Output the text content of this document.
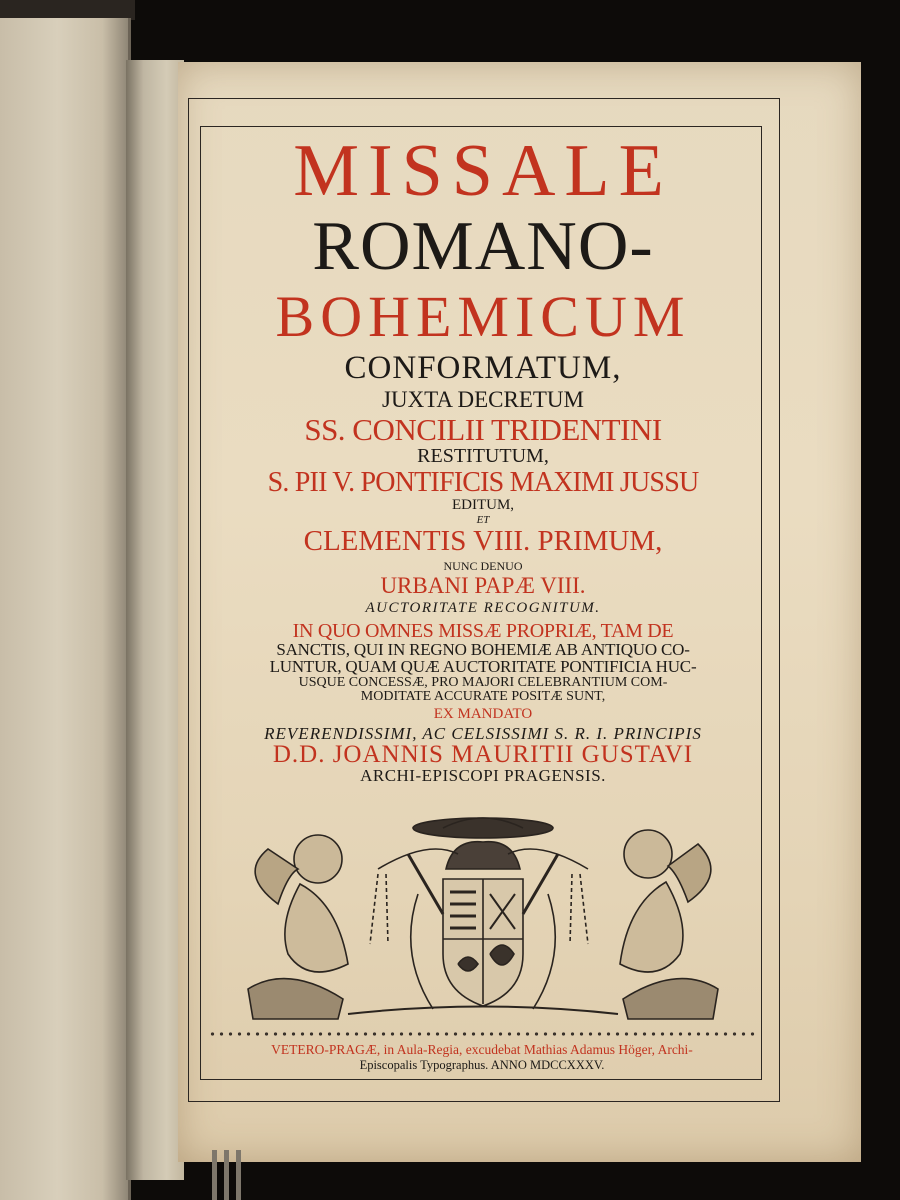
MISSALE
ROMANO-
BOHEMICUM
CONFORMATUM,
JUXTA DECRETUM
SS. CONCILII TRIDENTINI
RESTITUTUM,
S. PII V. PONTIFICIS MAXIMI JUSSU
EDITUM,
ET
CLEMENTIS VIII. PRIMUM,
NUNC DENUO
URBANI PAPÆ VIII.
AUCTORITATE RECOGNITUM.
IN QUO OMNES MISSÆ PROPRIÆ, TAM DE
SANCTIS, QUI IN REGNO BOHEMIÆ AB ANTIQUO CO-
LUNTUR, QUAM QUÆ AUCTORITATE PONTIFICIA HUC-
USQUE CONCESSÆ, PRO MAJORI CELEBRANTIUM COM-
MODITATE ACCURATE POSITÆ SUNT,
EX MANDATO
REVERENDISSIMI, AC CELSISSIMI S. R. I. PRINCIPIS
D.D. JOANNIS MAURITII GUSTAVI
ARCHI-EPISCOPI PRAGENSIS.
VETERO-PRAGÆ, in Aula-Regia, excudebat Mathias Adamus Höger, Archi-
Episcopalis Typographus. ANNO MDCCXXXV.
